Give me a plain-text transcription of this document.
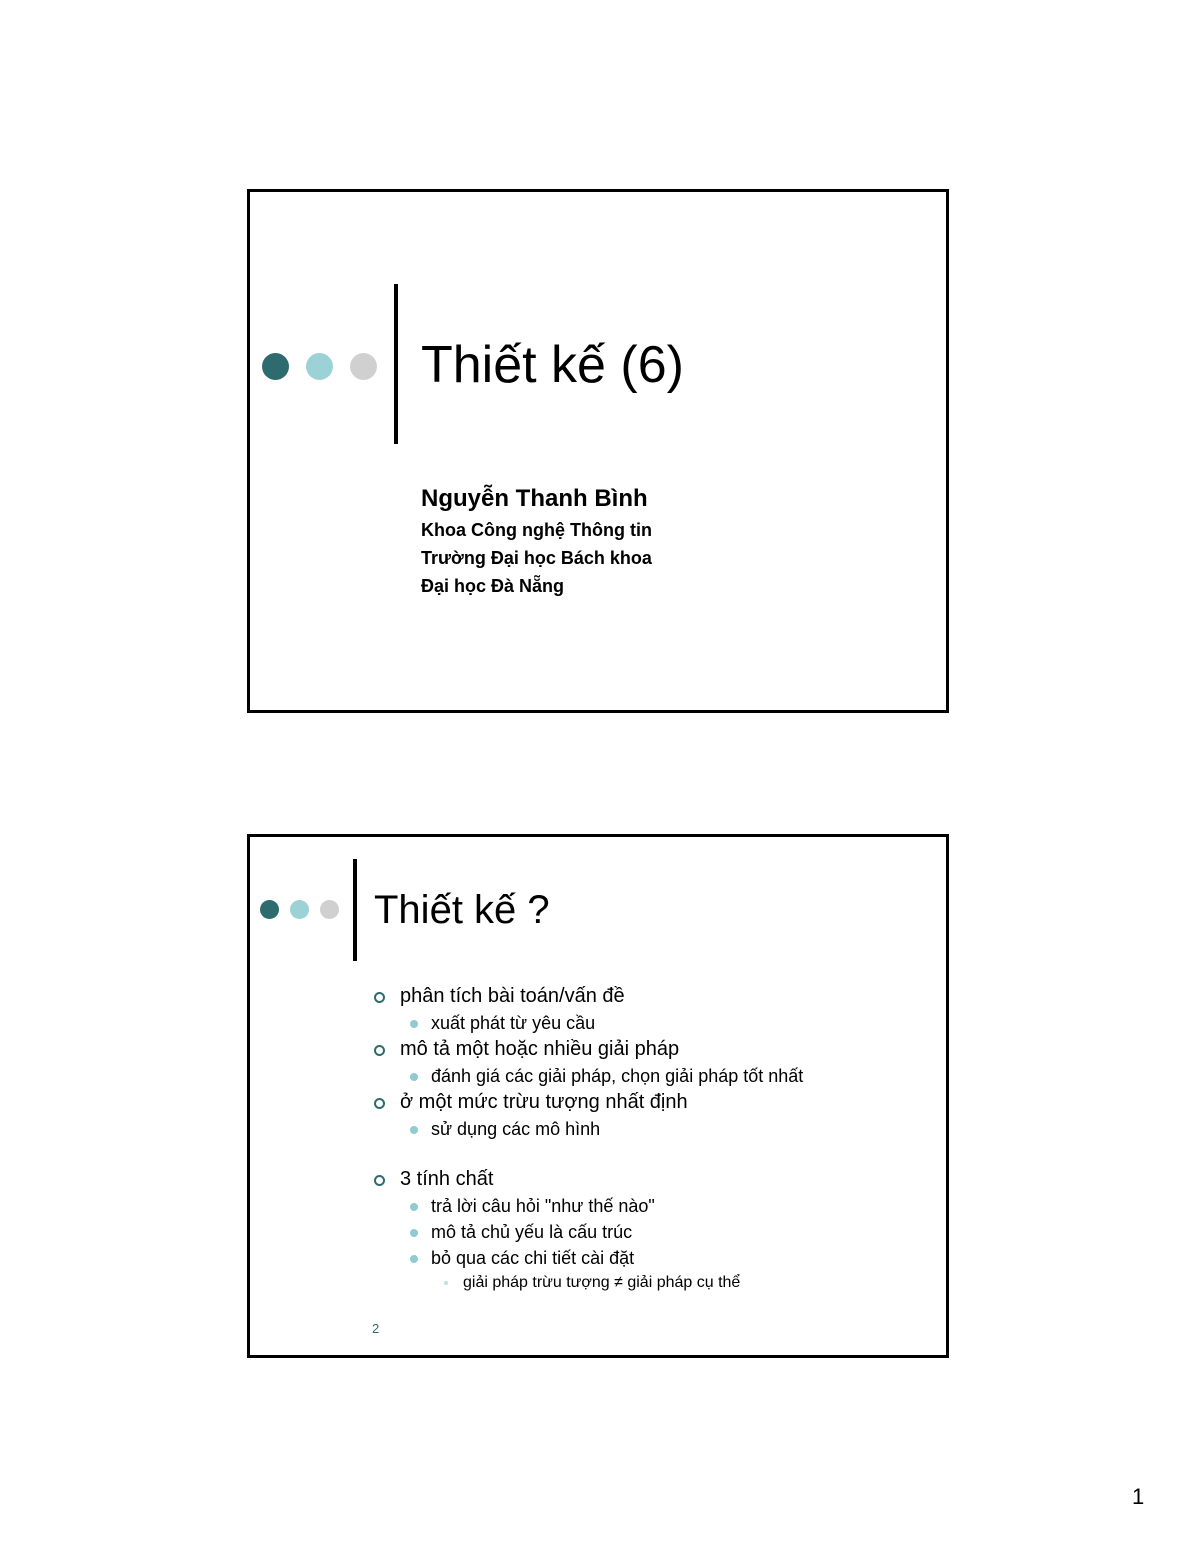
Thiết kế (6)
Nguyễn Thanh Bình
Khoa Công nghệ Thông tin
Trường Đại học Bách khoa
Đại học Đà Nẵng
Thiết kế ?
phân tích bài toán/vấn đề
xuất phát từ yêu cầu
mô tả một hoặc nhiều giải pháp
đánh giá các giải pháp, chọn giải pháp tốt nhất
ở một mức trừu tượng nhất định
sử dụng các mô hình
3 tính chất
trả lời câu hỏi "như thế nào"
mô tả chủ yếu là cấu trúc
bỏ qua các chi tiết cài đặt
giải pháp trừu tượng ≠ giải pháp cụ thể
2
1
